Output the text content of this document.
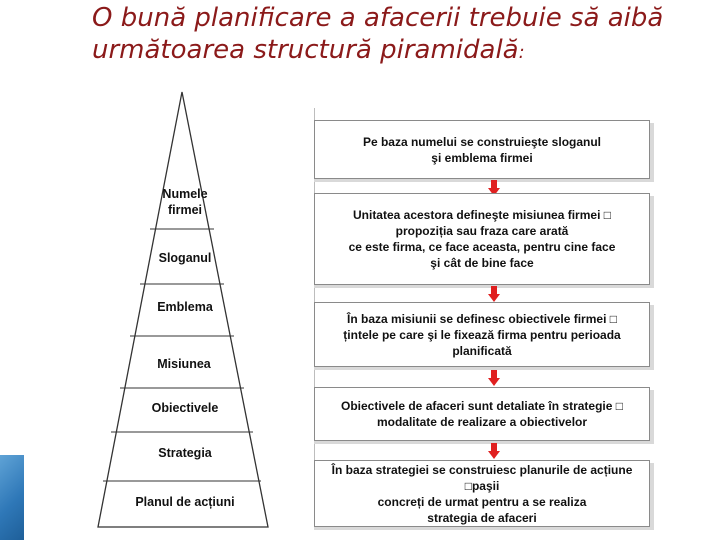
O bună planificare a afacerii trebuie să aibă
următoarea structură piramidală:
Numele firmei
Sloganul
Emblema
Misiunea
Obiectivele
Strategia
Planul de acțiuni
Pe baza numelui se construieşte sloganul
şi emblema firmei
Unitatea acestora defineşte misiunea firmei □
propoziția sau fraza care arată
ce este firma, ce face aceasta, pentru cine face
şi cât de bine face
În baza misiunii se definesc obiectivele firmei □
țintele pe care şi le fixează firma pentru perioada planificată
Obiectivele de afaceri sunt detaliate în strategie □
modalitate de realizare a obiectivelor
În baza strategiei se construiesc planurile de acțiune □paşii
concreți de urmat pentru a se realiza
strategia de afaceri
